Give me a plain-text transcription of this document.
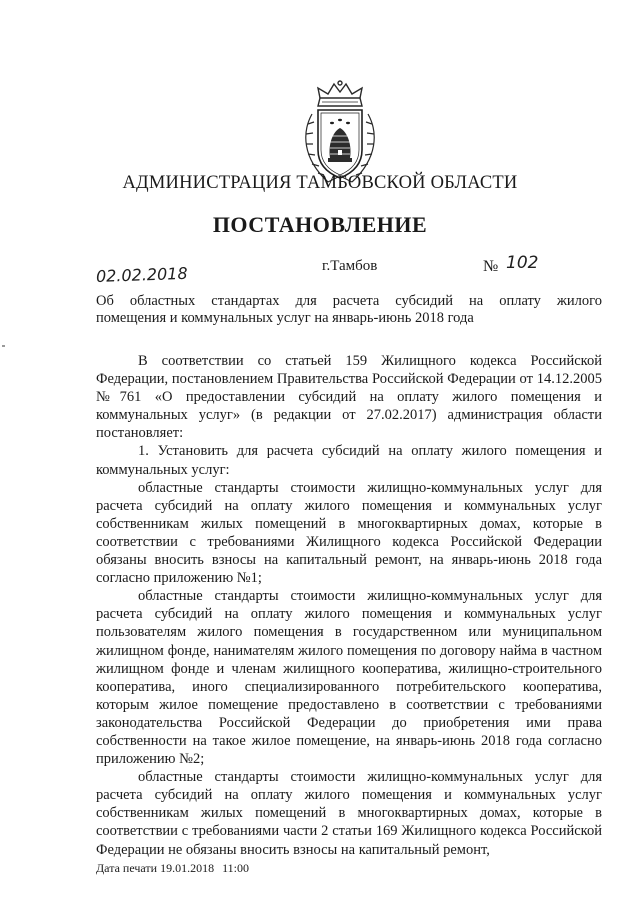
АДМИНИСТРАЦИЯ ТАМБОВСКОЙ ОБЛАСТИ
ПОСТАНОВЛЕНИЕ
02.02.2018	г.Тамбов	№ 102
Об областных стандартах для расчета субсидий на оплату жилого
помещения и коммунальных услуг на январь-июнь 2018 года

В соответствии со статьей 159 Жилищного кодекса Российской Федерации, постановлением Правительства Российской Федерации от 14.12.2005 №761 «О предоставлении субсидий на оплату жилого помещения и коммунальных услуг» (в редакции от 27.02.2017) администрация области постановляет:

1. Установить для расчета субсидий на оплату жилого помещения и коммунальных услуг:

областные стандарты стоимости жилищно-коммунальных услуг для расчета субсидий на оплату жилого помещения и коммунальных услуг собственникам жилых помещений в многоквартирных домах, которые в соответствии с требованиями Жилищного кодекса Российской Федерации обязаны вносить взносы на капитальный ремонт, на январь-июнь 2018 года согласно приложению №1;

областные стандарты стоимости жилищно-коммунальных услуг для расчета субсидий на оплату жилого помещения и коммунальных услуг пользователям жилого помещения в государственном или муниципальном жилищном фонде, нанимателям жилого помещения по договору найма в частном жилищном фонде и членам жилищного кооператива, жилищно-строительного кооператива, иного специализированного потребительского кооператива, которым жилое помещение предоставлено в соответствии с требованиями законодательства Российской Федерации до приобретения ими права собственности на такое жилое помещение, на январь-июнь 2018 года согласно приложению №2;

областные стандарты стоимости жилищно-коммунальных услуг для расчета субсидий на оплату жилого помещения и коммунальных услуг собственникам жилых помещений в многоквартирных домах, которые в соответствии с требованиями части 2 статьи 169 Жилищного кодекса Российской Федерации не обязаны вносить взносы на капитальный ремонт,

Дата печати 19.01.2018 11:00
